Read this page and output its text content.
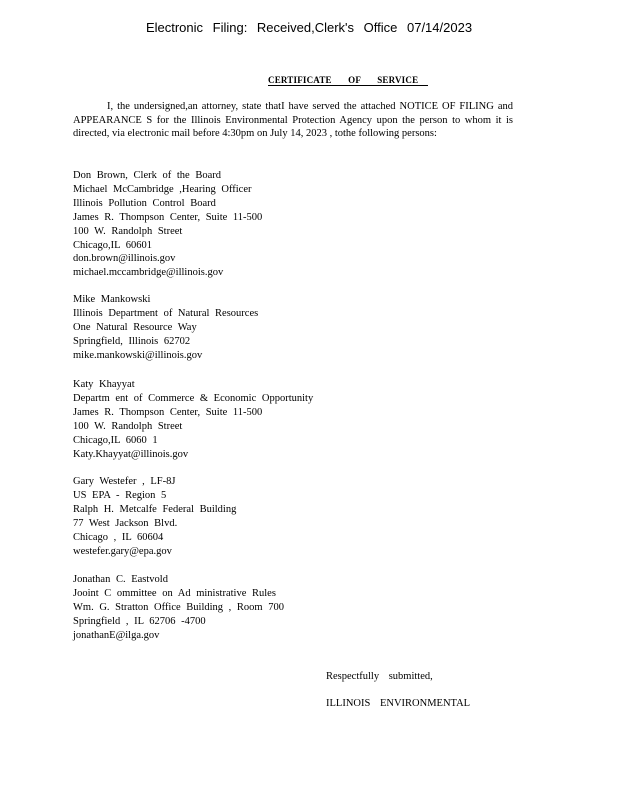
Electronic Filing: Received,Clerk's Office 07/14/2023
CERTIFICATE OF SERVICE
I, the undersigned,an attorney, state thatI have served the attached NOTICE OF FILING and APPEARANCE S for the Illinois Environmental Protection Agency upon the person to whom it is directed, via electronic mail before 4:30pm on July 14, 2023 , tothe following persons:
Don Brown, Clerk of the Board
Michael McCambridge ,Hearing Officer
Illinois Pollution Control Board
James R. Thompson Center, Suite 11-500
100 W. Randolph Street
Chicago,IL 60601
don.brown@illinois.gov
michael.mccambridge@illinois.gov
Mike Mankowski
Illinois Department of Natural Resources
One Natural Resource Way
Springfield, Illinois 62702
mike.mankowski@illinois.gov
Katy Khayyat
Departm ent of Commerce & Economic Opportunity
James R. Thompson Center, Suite 11-500
100 W. Randolph Street
Chicago,IL 6060 1
Katy.Khayyat@illinois.gov
Gary Westefer , LF-8J
US EPA - Region 5
Ralph H. Metcalfe Federal Building
77 West Jackson Blvd.
Chicago , IL 60604
westefer.gary@epa.gov
Jonathan C. Eastvold
Jooint C ommittee on Ad ministrative Rules
Wm. G. Stratton Office Building , Room 700
Springfield , IL 62706 -4700
jonathanE@ilga.gov
Respectfully submitted,
ILLINOIS ENVIRONMENTAL
